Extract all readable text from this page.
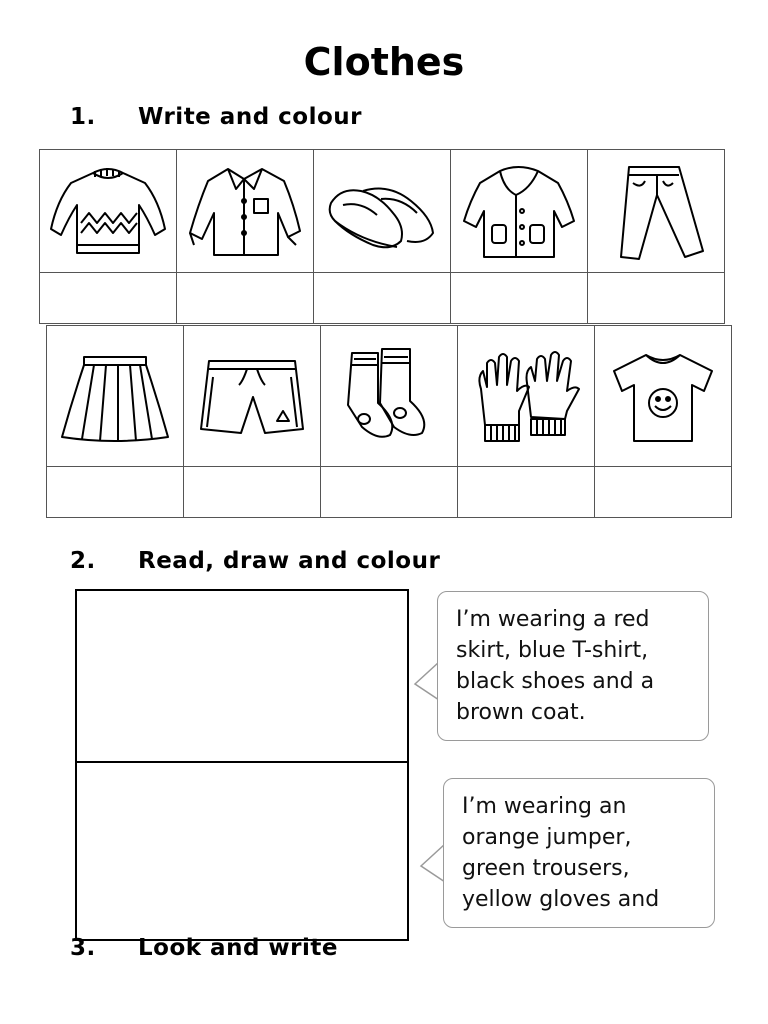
Clothes
1. Write and colour

2. Read, draw and colour
I’m wearing a red
skirt, blue T-shirt,
black shoes and a
brown coat.
I’m wearing an
orange jumper,
green trousers,
yellow gloves and
3. Look and write
